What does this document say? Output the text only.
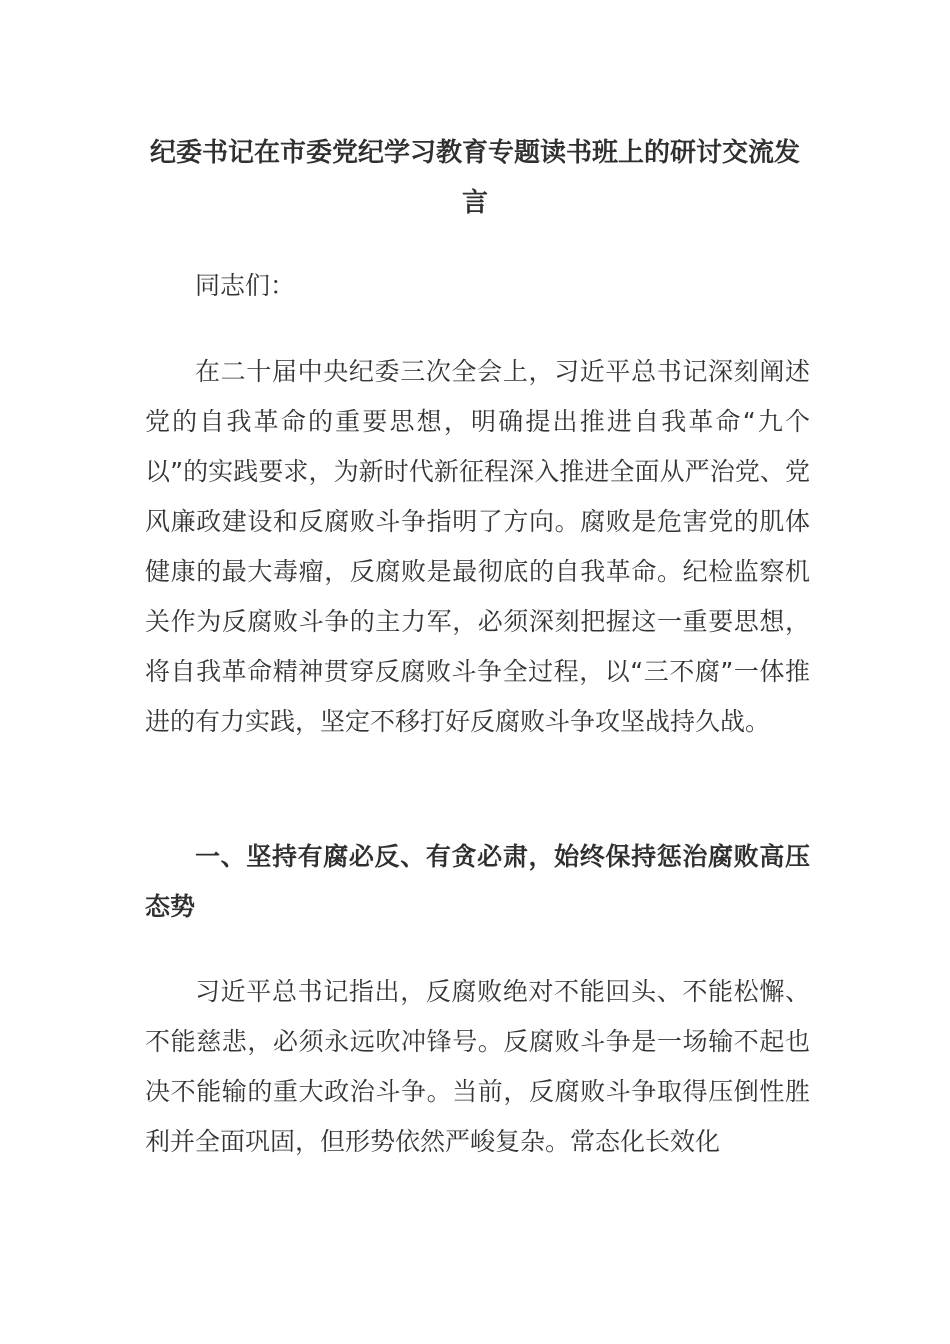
纪委书记在市委党纪学习教育专题读书班上的研讨交流发言

同志们：

在二十届中央纪委三次全会上，习近平总书记深刻阐述党的自我革命的重要思想，明确提出推进自我革命“九个以”的实践要求，为新时代新征程深入推进全面从严治党、党风廉政建设和反腐败斗争指明了方向。腐败是危害党的肌体健康的最大毒瘤，反腐败是最彻底的自我革命。纪检监察机关作为反腐败斗争的主力军，必须深刻把握这一重要思想，将自我革命精神贯穿反腐败斗争全过程，以“三不腐”一体推进的有力实践，坚定不移打好反腐败斗争攻坚战持久战。

一、坚持有腐必反、有贪必肃，始终保持惩治腐败高压态势

习近平总书记指出，反腐败绝对不能回头、不能松懈、不能慈悲，必须永远吹冲锋号。反腐败斗争是一场输不起也决不能输的重大政治斗争。当前，反腐败斗争取得压倒性胜利并全面巩固，但形势依然严峻复杂。常态化长效化
